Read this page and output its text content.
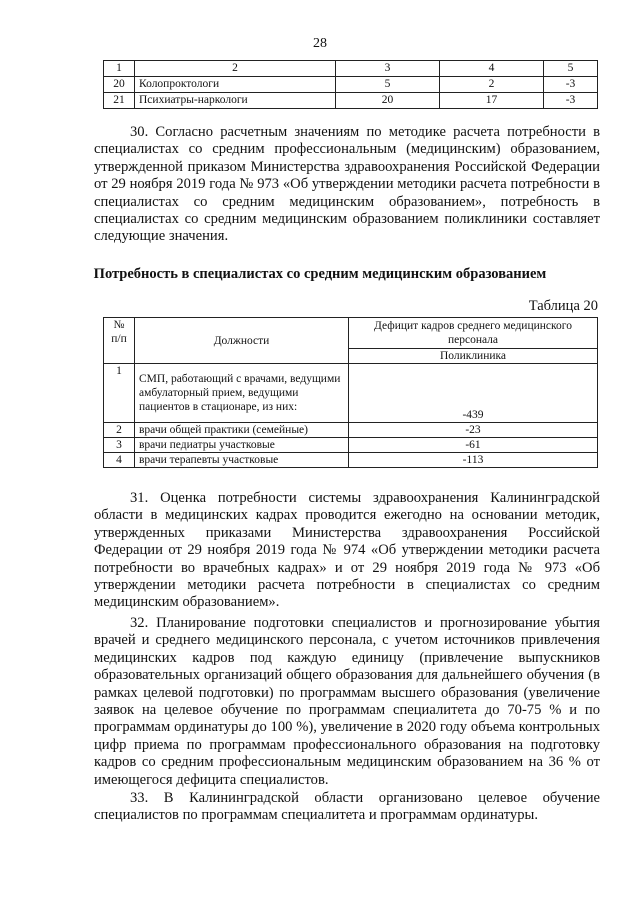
28
1	2	3	4	5
20	Колопроктологи	5	2	-3
21	Психиатры-наркологи	20	17	-3

30. Согласно расчетным значениям по методике расчета потребности в специалистах со средним профессиональным (медицинским) образованием, утвержденной приказом Министерства здравоохранения Российской Федерации от 29 ноября 2019 года № 973 «Об утверждении методики расчета потребности в специалистах со средним медицинским образованием», потребность в специалистах со средним медицинским образованием поликлиники составляет следующие значения.

Потребность в специалистах со средним медицинским образованием
Таблица 20
№ п/п	Должности	Дефицит кадров среднего медицинского персонала
		Поликлиника
1	СМП, работающий с врачами, ведущими амбулаторный прием, ведущими пациентов в стационаре, из них:	-439
2	врачи общей практики (семейные)	-23
3	врачи педиатры участковые	-61
4	врачи терапевты участковые	-113

31. Оценка потребности системы здравоохранения Калининградской области в медицинских кадрах проводится ежегодно на основании методик, утвержденных приказами Министерства здравоохранения Российской Федерации от 29 ноября 2019 года № 974 «Об утверждении методики расчета потребности во врачебных кадрах» и от 29 ноября 2019 года № 973 «Об утверждении методики расчета потребности в специалистах со средним медицинским образованием».

32. Планирование подготовки специалистов и прогнозирование убытия врачей и среднего медицинского персонала, с учетом источников привлечения медицинских кадров под каждую единицу (привлечение выпускников образовательных организаций общего образования для дальнейшего обучения (в рамках целевой подготовки) по программам высшего образования (увеличение заявок на целевое обучение по программам специалитета до 70-75 % и по программам ординатуры до 100 %), увеличение в 2020 году объема контрольных цифр приема по программам профессионального образования на подготовку кадров со средним профессиональным медицинским образованием на 36 % от имеющегося дефицита специалистов.

33. В Калининградской области организовано целевое обучение специалистов по программам специалитета и программам ординатуры.
